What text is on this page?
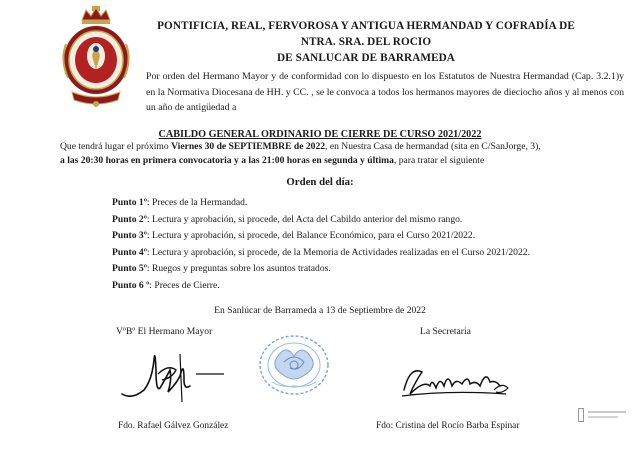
PONTIFICIA, REAL, FERVOROSA Y ANTIGUA HERMANDAD Y COFRADÍA DE
NTRA. SRA. DEL ROCIO
DE SANLUCAR DE BARRAMEDA
Por orden del Hermano Mayor y de conformidad con lo dispuesto en los Estatutos de Nuestra Hermandad (Cap. 3.2.1)y en la Normativa Diocesana de HH. y CC. , se le convoca a todos los hermanos mayores de dieciocho años y al menos con un año de antigüedad a
CABILDO GENERAL ORDINARIO DE CIERRE DE CURSO 2021/2022
Que tendrá lugar el próximo Viernes 30 de SEPTIEMBRE de 2022, en Nuestra Casa de hermandad (sita en C/SanJorge, 3),
a las 20:30 horas en primera convocatoria y a las 21:00 horas en segunda y última, para tratar el siguiente
Orden del día:
Punto 1º: Preces de la Hermandad.
Punto 2º: Lectura y aprobación, si procede, del Acta del Cabildo anterior del mismo rango.
Punto 3º: Lectura y aprobación, si procede, del Balance Económico, para el Curso 2021/2022.
Punto 4º: Lectura y aprobación, si procede, de la Memoria de Actividades realizadas en el Curso 2021/2022.
Punto 5º: Ruegos y preguntas sobre los asuntos tratados.
Punto 6 º: Preces de Cierre.
En Sanlúcar de Barrameda a 13 de Septiembre de 2022
VºBº El Hermano Mayor	La Secretaria
Fdo. Rafael Gálvez González	Fdo: Cristina del Rocío Barba Espinar
